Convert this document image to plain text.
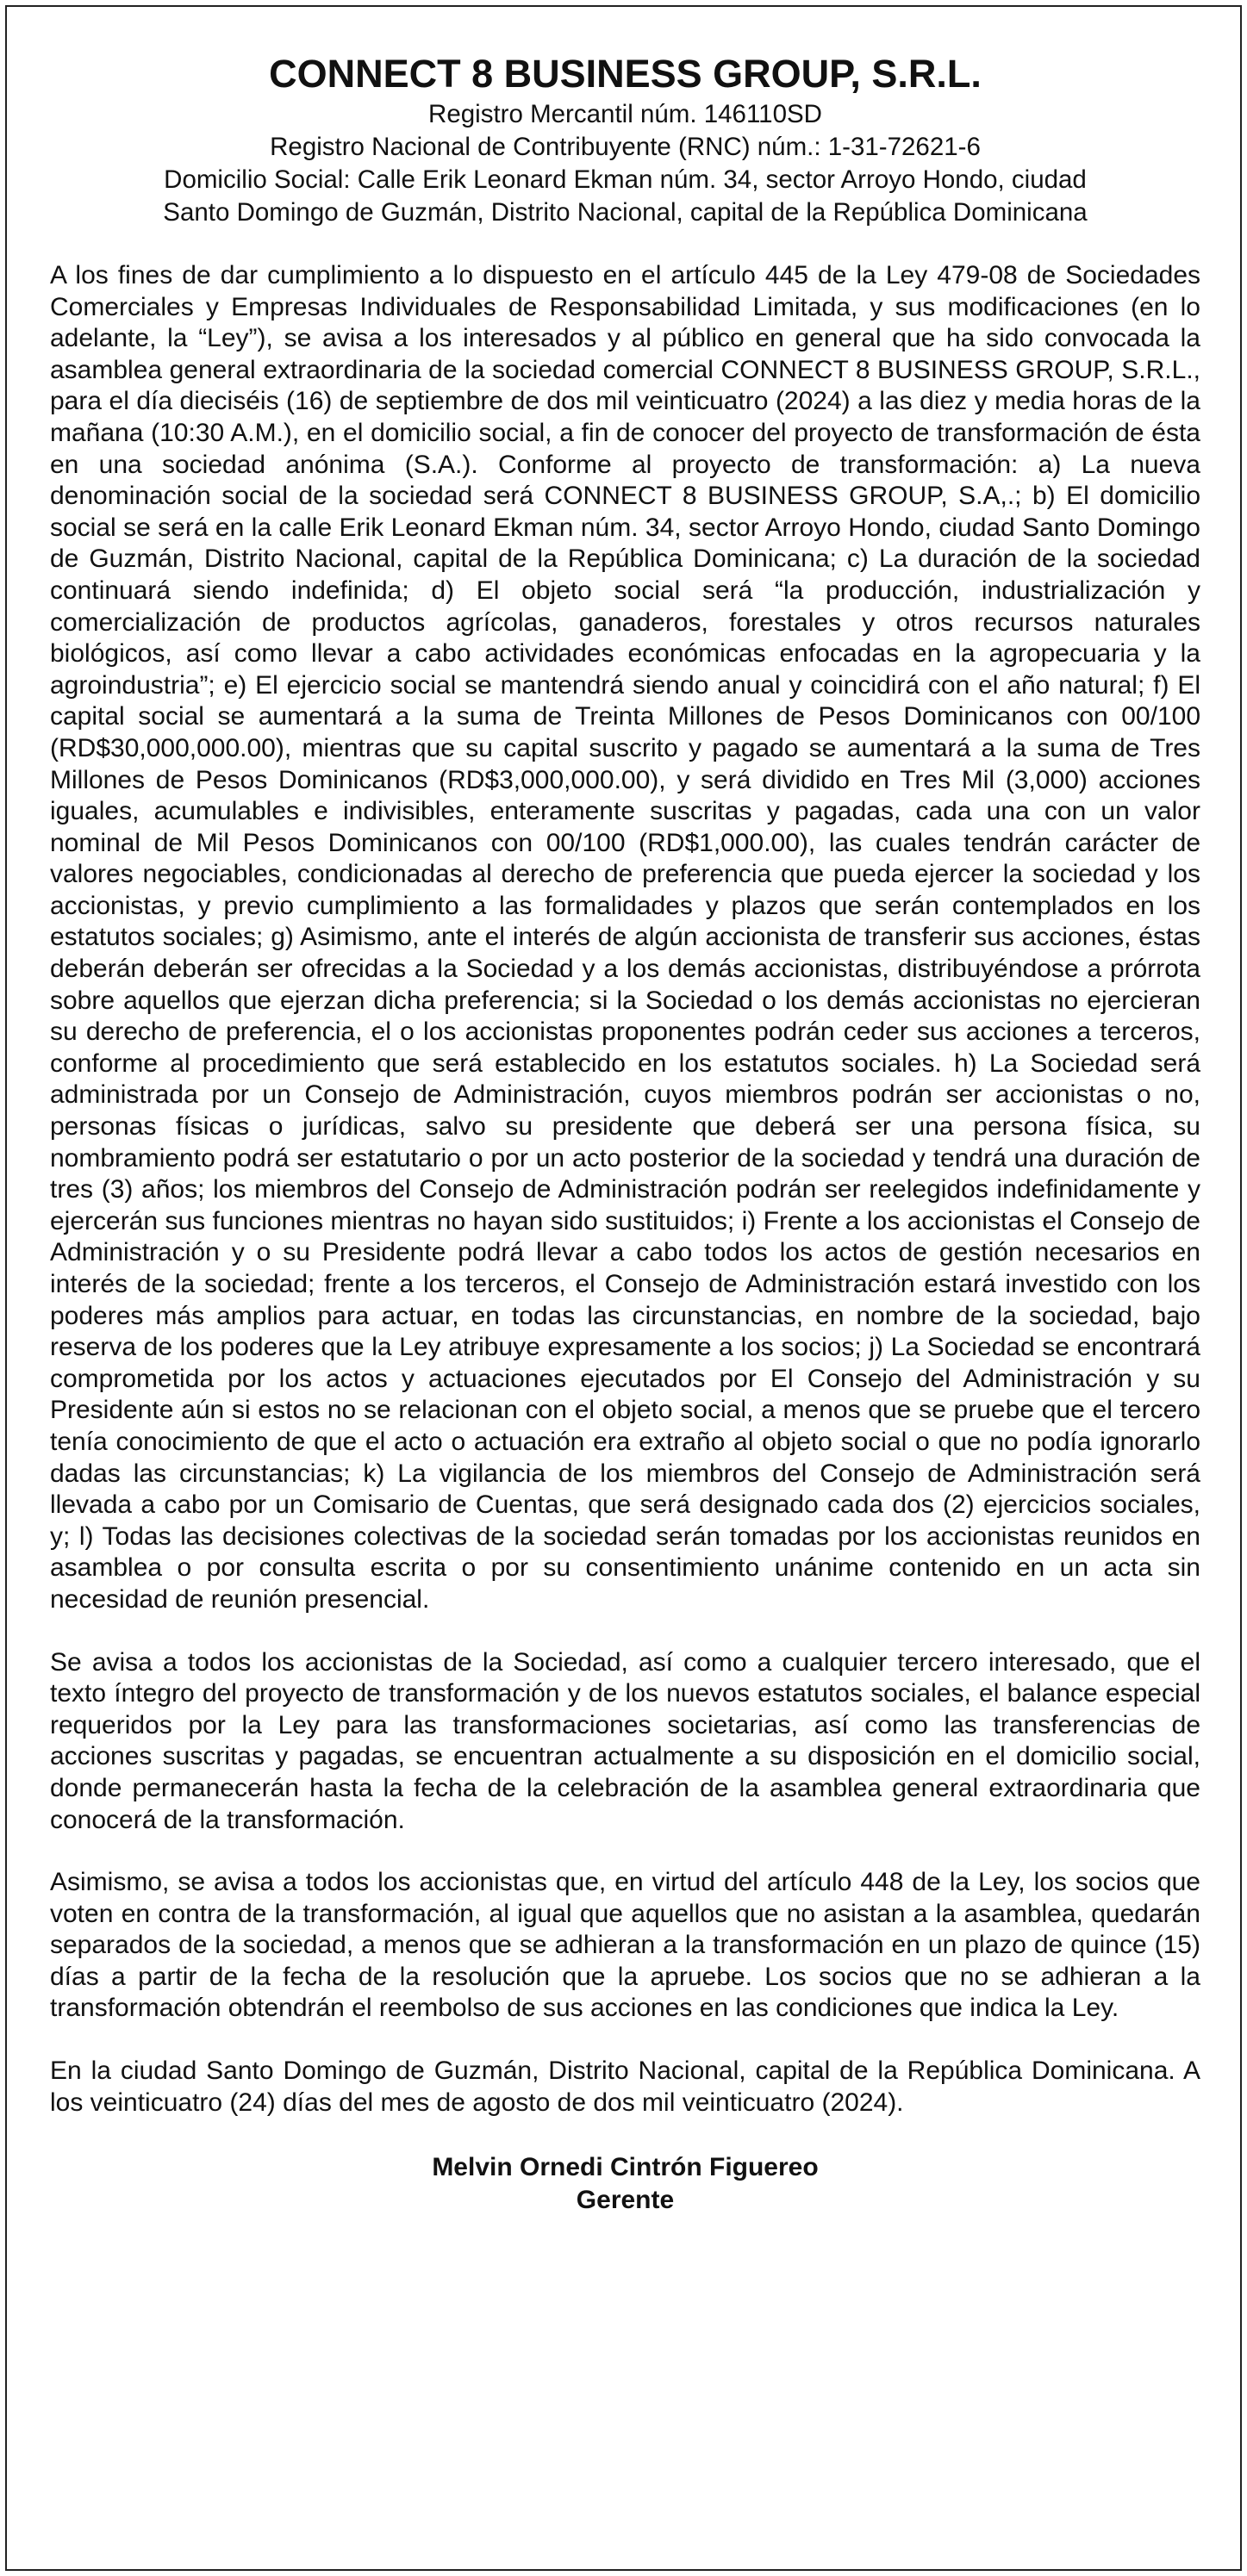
CONNECT 8 BUSINESS GROUP, S.R.L.
Registro Mercantil núm. 146110SD
Registro Nacional de Contribuyente (RNC) núm.: 1-31-72621-6
Domicilio Social: Calle Erik Leonard Ekman núm. 34, sector Arroyo Hondo, ciudad
Santo Domingo de Guzmán, Distrito Nacional, capital de la República Dominicana

A los fines de dar cumplimiento a lo dispuesto en el artículo 445 de la Ley 479-08 de Sociedades Comerciales y Empresas Individuales de Responsabilidad Limitada, y sus modificaciones (en lo adelante, la “Ley”), se avisa a los interesados y al público en general que ha sido convocada la asamblea general extraordinaria de la sociedad comercial CONNECT 8 BUSINESS GROUP, S.R.L., para el día dieciséis (16) de septiembre de dos mil veinticuatro (2024) a las diez y media horas de la mañana (10:30 A.M.), en el domicilio social, a fin de conocer del proyecto de transformación de ésta en una sociedad anónima (S.A.). Conforme al proyecto de transformación: a) La nueva denominación social de la sociedad será CONNECT 8 BUSINESS GROUP, S.A,.; b) El domicilio social se será en la calle Erik Leonard Ekman núm. 34, sector Arroyo Hondo, ciudad Santo Domingo de Guzmán, Distrito Nacional, capital de la República Dominicana; c) La duración de la sociedad continuará siendo indefinida; d) El objeto social será “la producción, industrialización y comercialización de productos agrícolas, ganaderos, forestales y otros recursos naturales biológicos, así como llevar a cabo actividades económicas enfocadas en la agropecuaria y la agroindustria”; e) El ejercicio social se mantendrá siendo anual y coincidirá con el año natural; f) El capital social se aumentará a la suma de Treinta Millones de Pesos Dominicanos con 00/100 (RD$30,000,000.00), mientras que su capital suscrito y pagado se aumentará a la suma de Tres Millones de Pesos Dominicanos (RD$3,000,000.00), y será dividido en Tres Mil (3,000) acciones iguales, acumulables e indivisibles, enteramente suscritas y pagadas, cada una con un valor nominal de Mil Pesos Dominicanos con 00/100 (RD$1,000.00), las cuales tendrán carácter de valores negociables, condicionadas al derecho de preferencia que pueda ejercer la sociedad y los accionistas, y previo cumplimiento a las formalidades y plazos que serán contemplados en los estatutos sociales; g) Asimismo, ante el interés de algún accionista de transferir sus acciones, éstas deberán deberán ser ofrecidas a la Sociedad y a los demás accionistas, distribuyéndose a prórrota sobre aquellos que ejerzan dicha preferencia; si la Sociedad o los demás accionistas no ejercieran su derecho de preferencia, el o los accionistas proponentes podrán ceder sus acciones a terceros, conforme al procedimiento que será establecido en los estatutos sociales. h) La Sociedad será administrada por un Consejo de Administración, cuyos miembros podrán ser accionistas o no, personas físicas o jurídicas, salvo su presidente que deberá ser una persona física, su nombramiento podrá ser estatutario o por un acto posterior de la sociedad y tendrá una duración de tres (3) años; los miembros del Consejo de Administración podrán ser reelegidos indefinidamente y ejercerán sus funciones mientras no hayan sido sustituidos; i) Frente a los accionistas el Consejo de Administración y o su Presidente podrá llevar a cabo todos los actos de gestión necesarios en interés de la sociedad; frente a los terceros, el Consejo de Administración estará investido con los poderes más amplios para actuar, en todas las circunstancias, en nombre de la sociedad, bajo reserva de los poderes que la Ley atribuye expresamente a los socios; j) La Sociedad se encontrará comprometida por los actos y actuaciones ejecutados por El Consejo del Administración y su Presidente aún si estos no se relacionan con el objeto social, a menos que se pruebe que el tercero tenía conocimiento de que el acto o actuación era extraño al objeto social o que no podía ignorarlo dadas las circunstancias; k) La vigilancia de los miembros del Consejo de Administración será llevada a cabo por un Comisario de Cuentas, que será designado cada dos (2) ejercicios sociales, y; l) Todas las decisiones colectivas de la sociedad serán tomadas por los accionistas reunidos en asamblea o por consulta escrita o por su consentimiento unánime contenido en un acta sin necesidad de reunión presencial.

Se avisa a todos los accionistas de la Sociedad, así como a cualquier tercero interesado, que el texto íntegro del proyecto de transformación y de los nuevos estatutos sociales, el balance especial requeridos por la Ley para las transformaciones societarias, así como las transferencias de acciones suscritas y pagadas, se encuentran actualmente a su disposición en el domicilio social, donde permanecerán hasta la fecha de la celebración de la asamblea general extraordinaria que conocerá de la transformación.

Asimismo, se avisa a todos los accionistas que, en virtud del artículo 448 de la Ley, los socios que voten en contra de la transformación, al igual que aquellos que no asistan a la asamblea, quedarán separados de la sociedad, a menos que se adhieran a la transformación en un plazo de quince (15) días a partir de la fecha de la resolución que la apruebe. Los socios que no se adhieran a la transformación obtendrán el reembolso de sus acciones en las condiciones que indica la Ley.

En la ciudad Santo Domingo de Guzmán, Distrito Nacional, capital de la República Dominicana. A los veinticuatro (24) días del mes de agosto de dos mil veinticuatro (2024).

Melvin Ornedi Cintrón Figuereo
Gerente
